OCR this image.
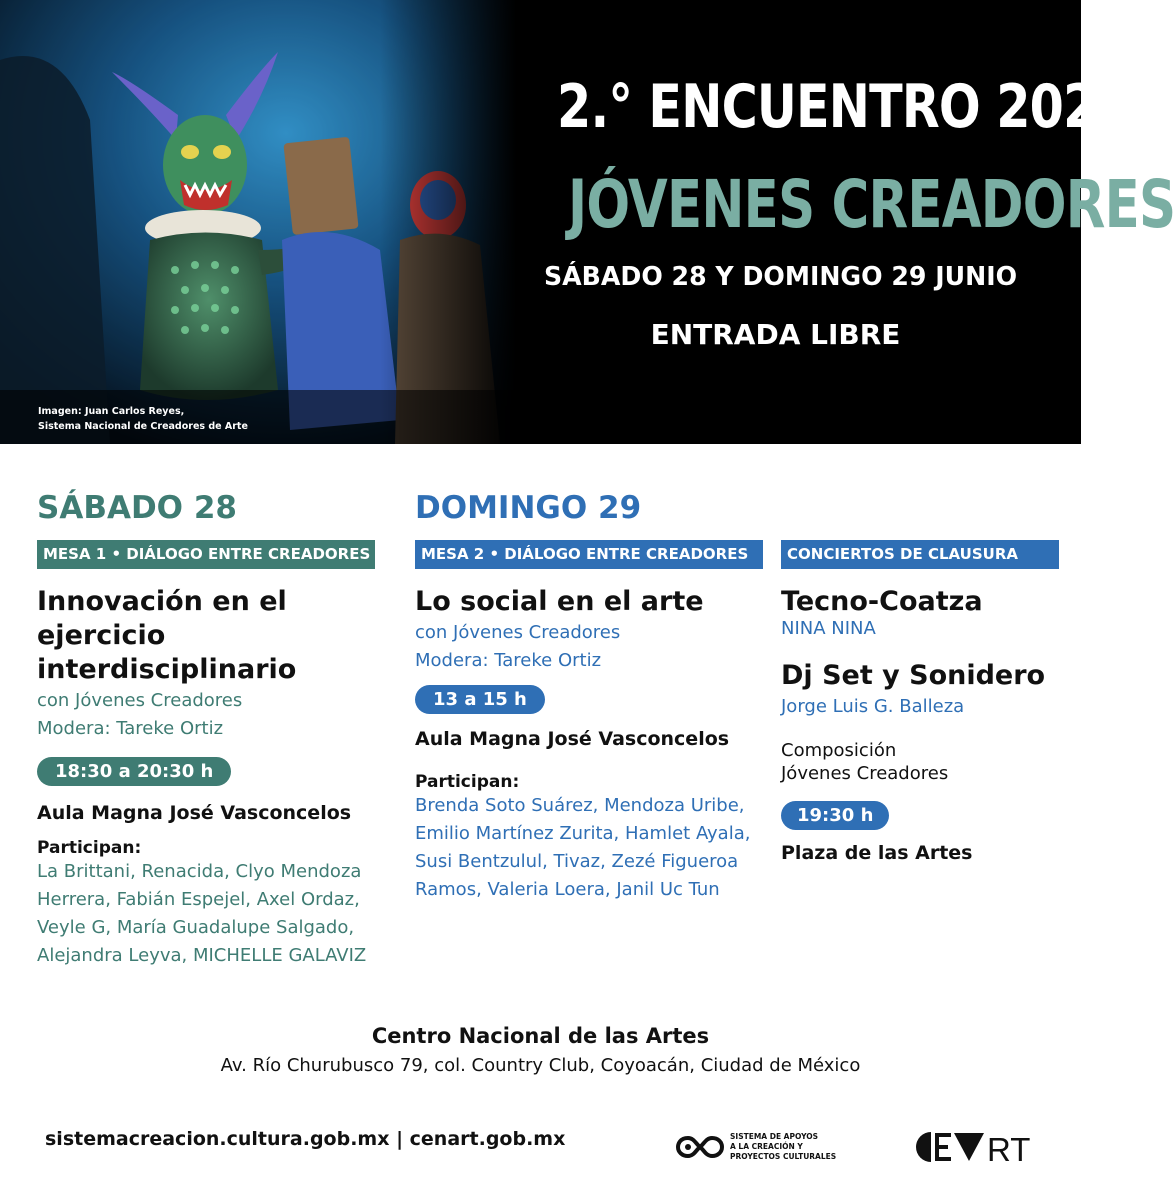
Imagen: Juan Carlos Reyes,
Sistema Nacional de Creadores de Arte
2.° ENCUENTRO 2025
JÓVENES CREADORES
SÁBADO 28 Y DOMINGO 29 JUNIO
ENTRADA LIBRE
SÁBADO 28
MESA 1 • DIÁLOGO ENTRE CREADORES
Innovación en el
ejercicio
interdisciplinario
con Jóvenes Creadores
Modera: Tareke Ortiz
18:30 a 20:30 h
Aula Magna José Vasconcelos
Participan:
La Brittani, Renacida, Clyo Mendoza
Herrera, Fabián Espejel, Axel Ordaz,
Veyle G, María Guadalupe Salgado,
Alejandra Leyva, MICHELLE GALAVIZ
DOMINGO 29
MESA 2 • DIÁLOGO ENTRE CREADORES
Lo social en el arte
con Jóvenes Creadores
Modera: Tareke Ortiz
13 a 15 h
Aula Magna José Vasconcelos
Participan:
Brenda Soto Suárez, Mendoza Uribe,
Emilio Martínez Zurita, Hamlet Ayala,
Susi Bentzulul, Tivaz, Zezé Figueroa
Ramos, Valeria Loera, Janil Uc Tun
CONCIERTOS DE CLAUSURA
Tecno-Coatza
NINA NINA
Dj Set y Sonidero
Jorge Luis G. Balleza
Composición
Jóvenes Creadores
19:30 h
Plaza de las Artes
Centro Nacional de las Artes
Av. Río Churubusco 79, col. Country Club, Coyoacán, Ciudad de México
sistemacreacion.cultura.gob.mx | cenart.gob.mx	SISTEMA DE APOYOS
A LA CREACIÓN Y
PROYECTOS CULTURALES	RT
